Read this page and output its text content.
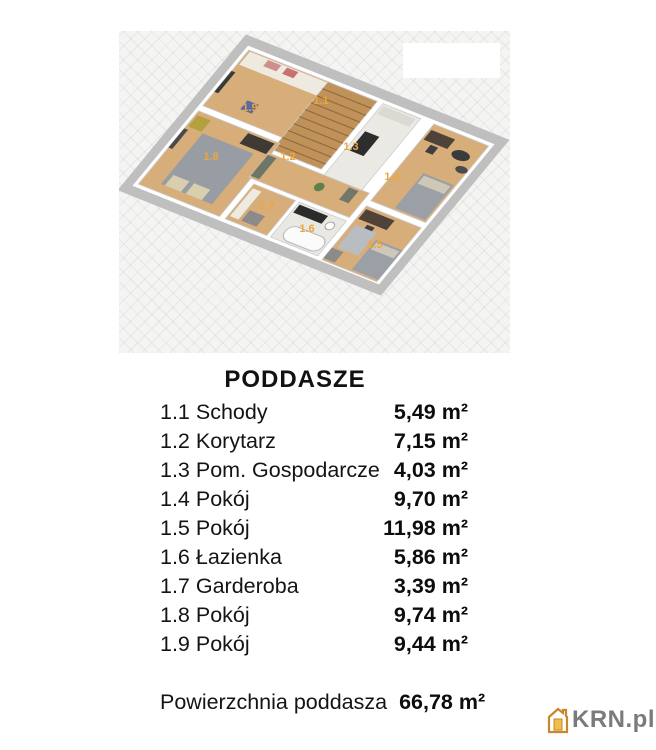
1.1
1.2
1.3
1.4
1.5
1.6
1.7
1.8
1.9
PODDASZE
1.1 Schody	5,49 m²
1.2 Korytarz	7,15 m²
1.3 Pom. Gospodarcze 4,03 m²
1.4 Pokój	9,70 m²
1.5 Pokój	11,98 m²
1.6 Łazienka	5,86 m²
1.7 Garderoba	3,39 m²
1.8 Pokój	9,74 m²
1.9 Pokój	9,44 m²
Powierzchnia poddasza 66,78 m²
KRN.pl
